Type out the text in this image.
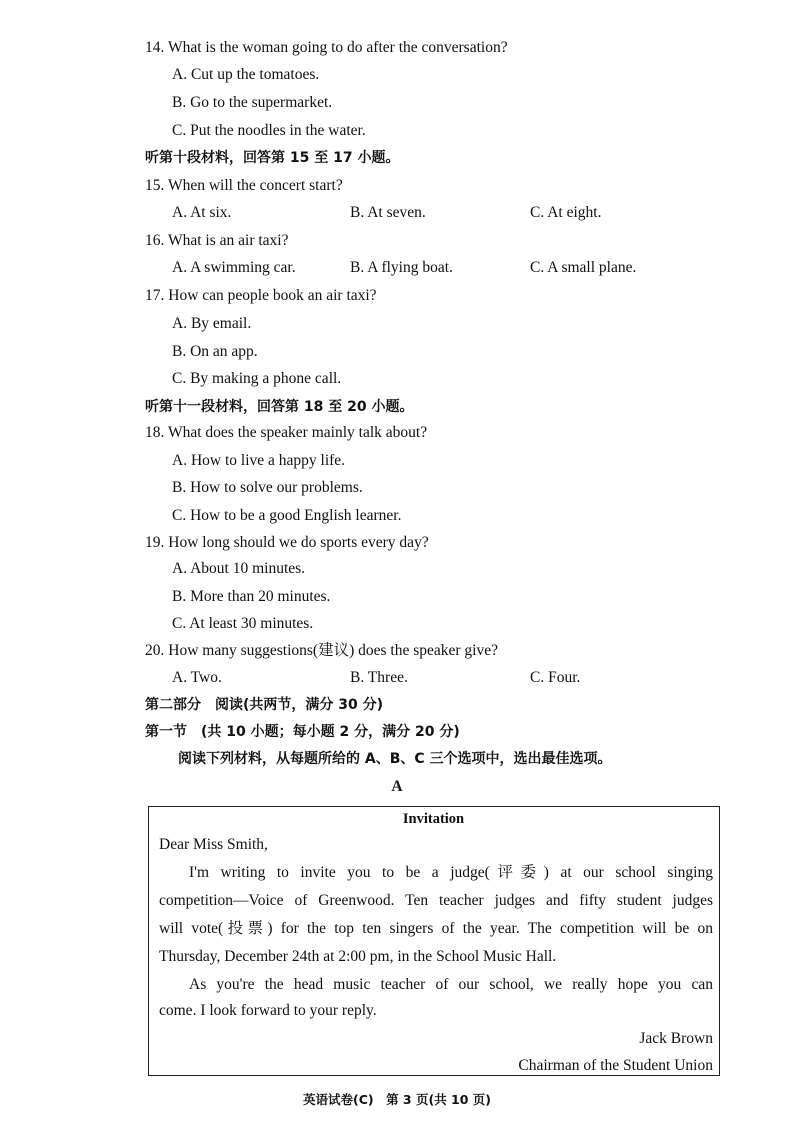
14. What is the woman going to do after the conversation?
A. Cut up the tomatoes.
B. Go to the supermarket.
C. Put the noodles in the water.
听第十段材料，回答第 15 至 17 小题。
15. When will the concert start?
A. At six.	B. At seven.	C. At eight.
16. What is an air taxi?
A. A swimming car.	B. A flying boat.	C. A small plane.
17. How can people book an air taxi?
A. By email.
B. On an app.
C. By making a phone call.
听第十一段材料，回答第 18 至 20 小题。
18. What does the speaker mainly talk about?
A. How to live a happy life.
B. How to solve our problems.
C. How to be a good English learner.
19. How long should we do sports every day?
A. About 10 minutes.
B. More than 20 minutes.
C. At least 30 minutes.
20. How many suggestions(建议) does the speaker give?
A. Two.	B. Three.	C. Four.
第二部分　阅读(共两节，满分 30 分)
第一节　(共 10 小题；每小题 2 分，满分 20 分)
阅读下列材料，从每题所给的 A、B、C 三个选项中，选出最佳选项。
A
Invitation
Dear Miss Smith,
I'm writing to invite you to be a judge(评委) at our school singing
competition—Voice of Greenwood. Ten teacher judges and fifty student judges
will vote(投票) for the top ten singers of the year. The competition will be on
Thursday, December 24th at 2:00 pm, in the School Music Hall.
As you're the head music teacher of our school, we really hope you can
come. I look forward to your reply.
Jack Brown
Chairman of the Student Union
英语试卷(C)　第 3 页(共 10 页)
